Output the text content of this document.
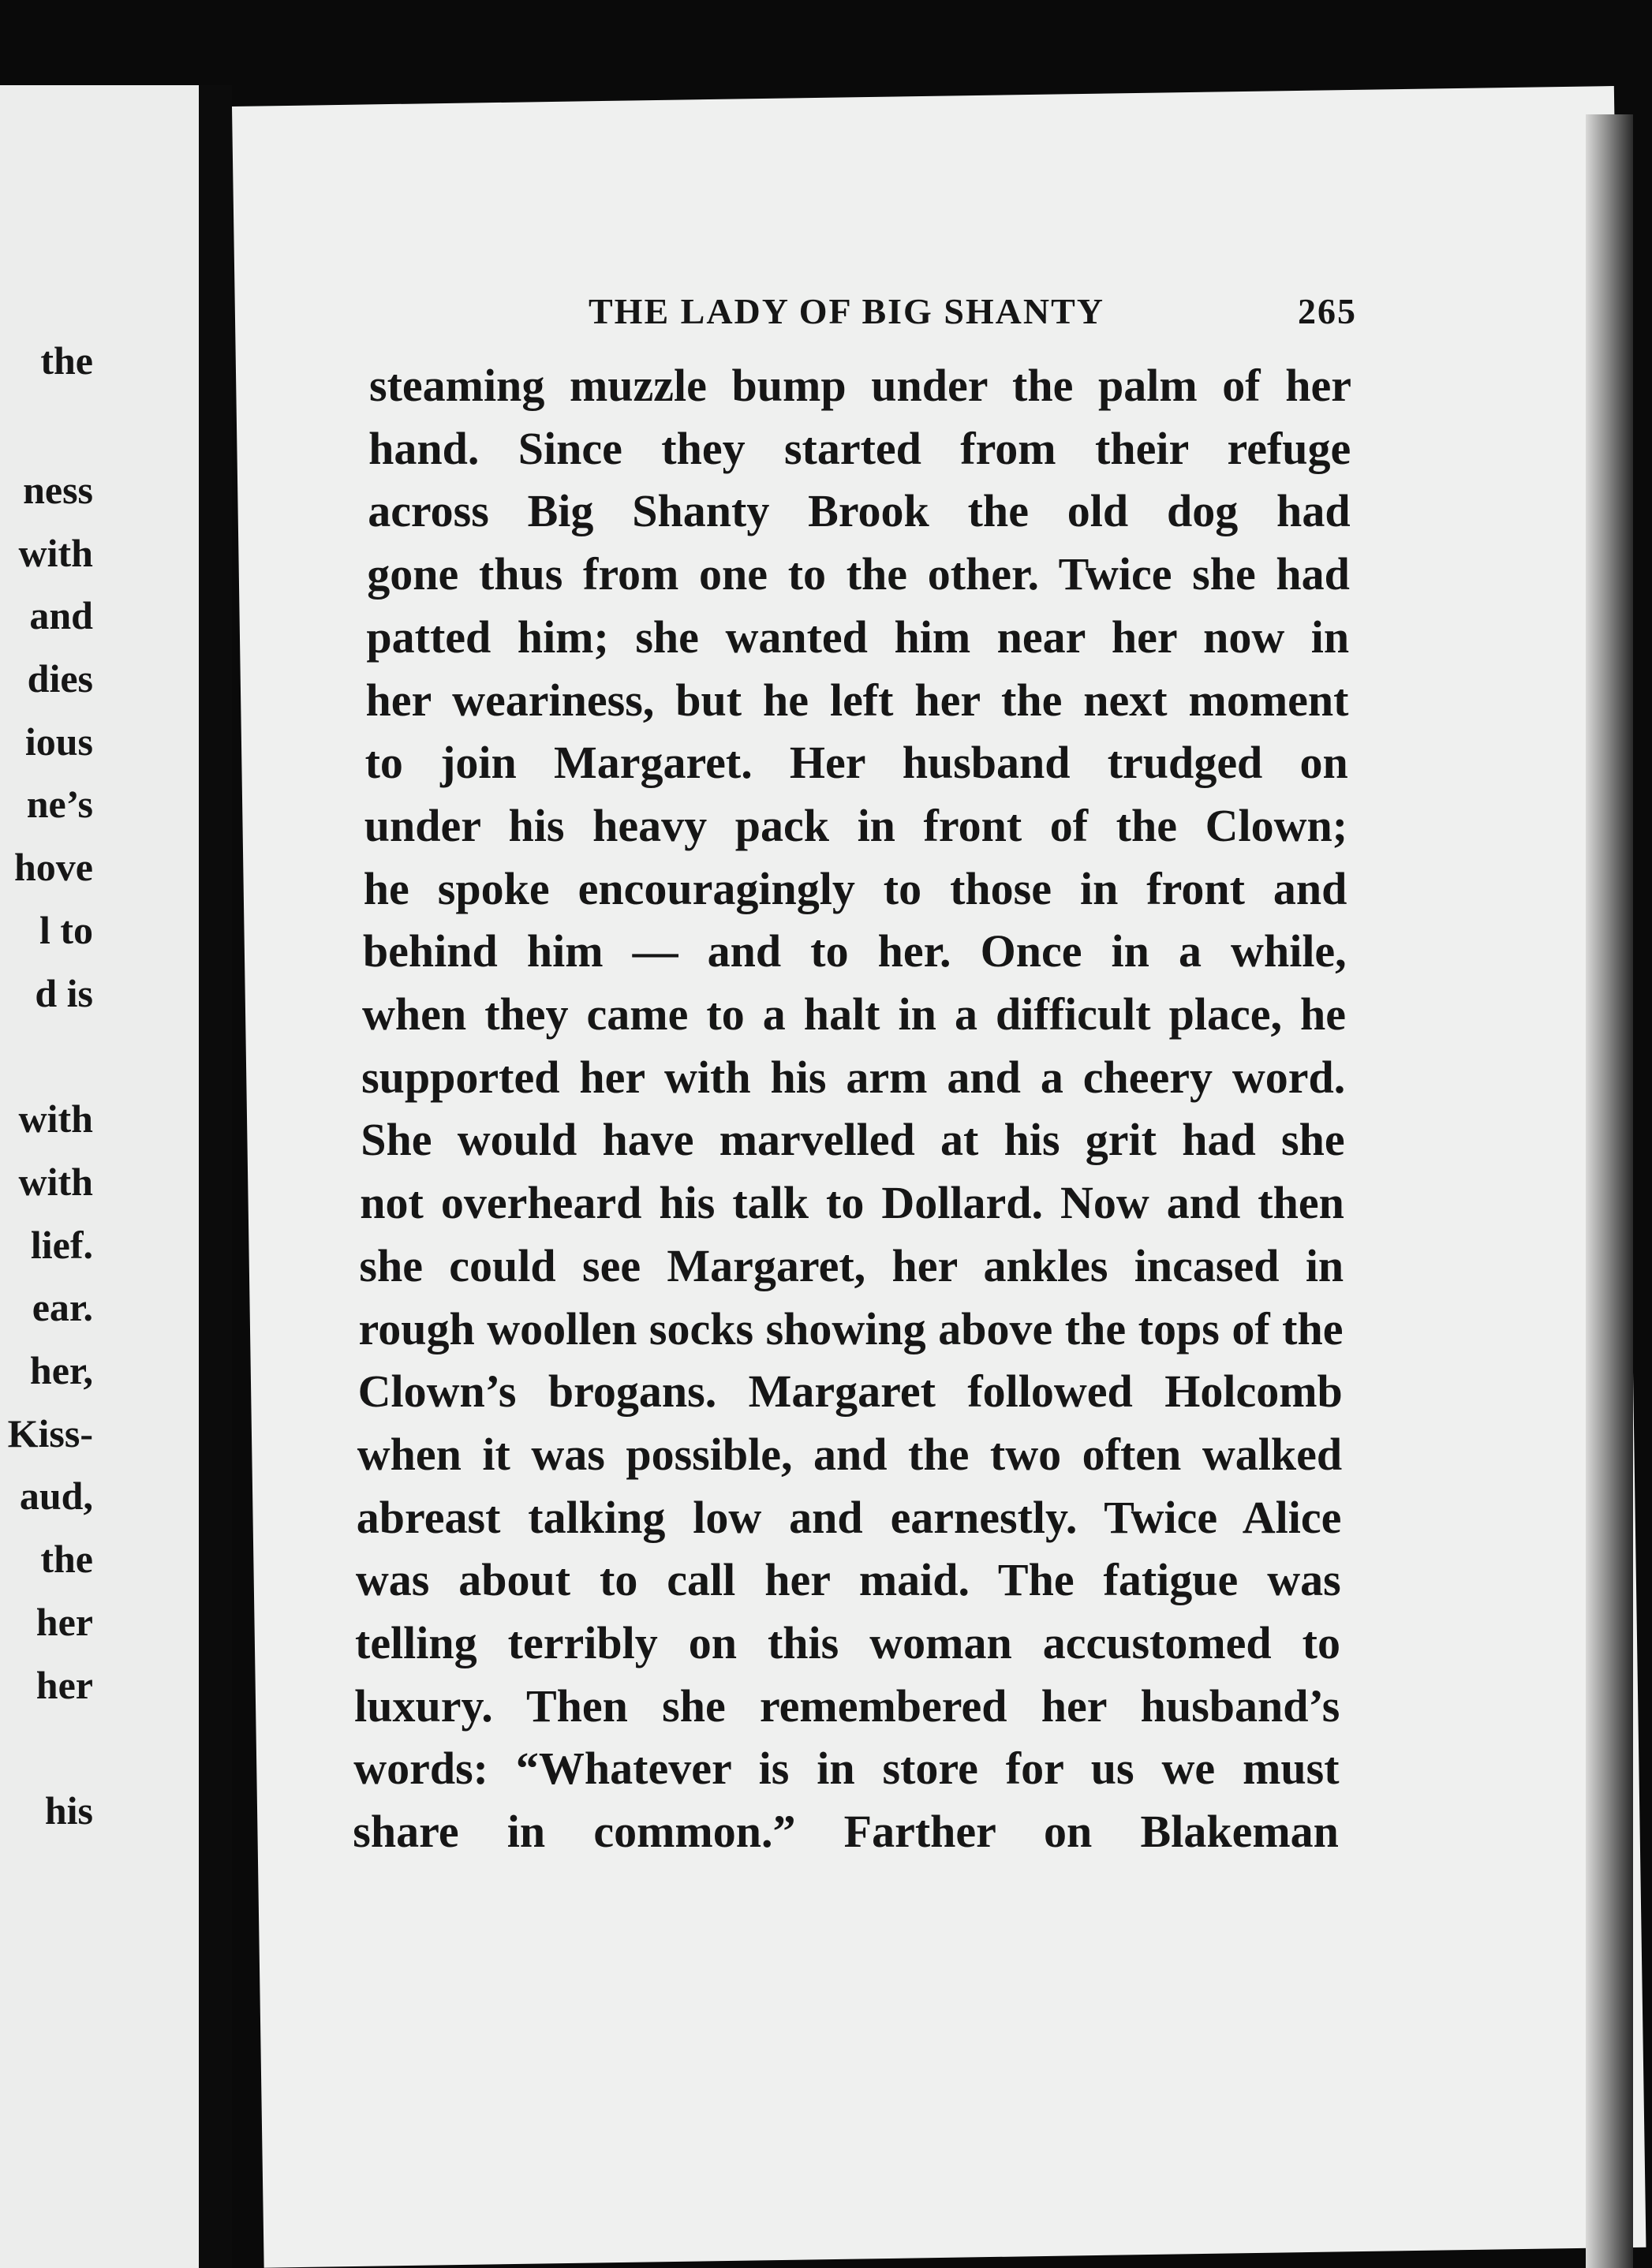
the
ness
with
and
dies
ious
ne’s
hove
l to
d is
with
with
lief.
ear.
her,
Kiss-
aud,
the
her
her
his
THE LADY OF BIG SHANTY	265
steaming muzzle bump under the palm of her
hand. Since they started from their refuge
across Big Shanty Brook the old dog had
gone thus from one to the other. Twice she had
patted him; she wanted him near her now in
her weariness, but he left her the next moment
to join Margaret. Her husband trudged on
under his heavy pack in front of the Clown;
he spoke encouragingly to those in front and
behind him — and to her. Once in a while,
when they came to a halt in a difficult place, he
supported her with his arm and a cheery word.
She would have marvelled at his grit had she
not overheard his talk to Dollard. Now and then
she could see Margaret, her ankles incased in
rough woollen socks showing above the tops of the
Clown’s brogans. Margaret followed Holcomb
when it was possible, and the two often walked
abreast talking low and earnestly. Twice Alice
was about to call her maid. The fatigue was
telling terribly on this woman accustomed to
luxury. Then she remembered her husband’s
words: “Whatever is in store for us we must
share in common.” Farther on Blakeman
